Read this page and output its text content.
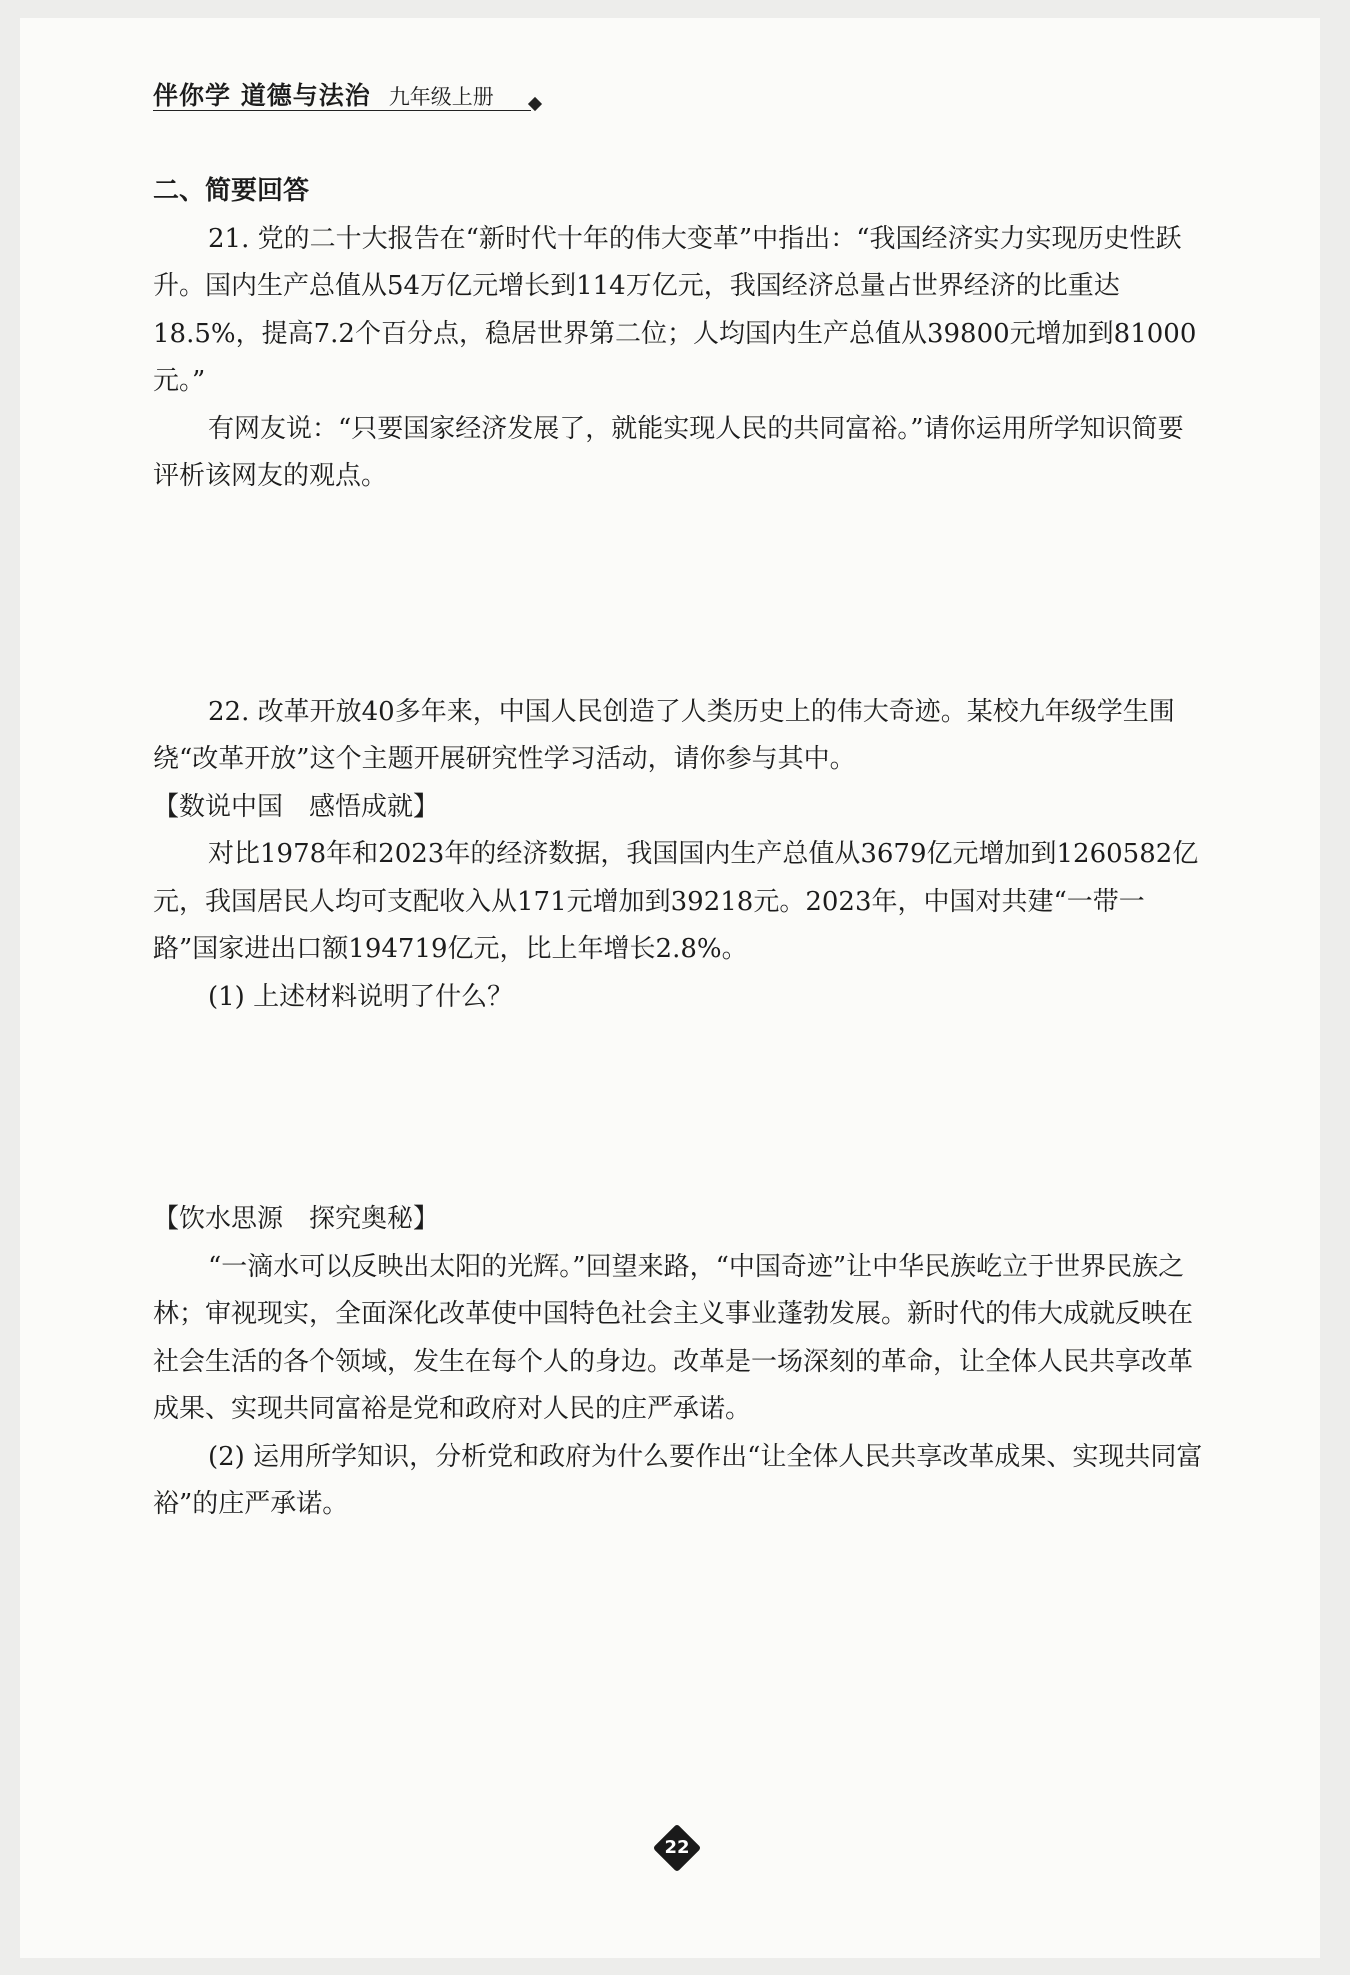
伴你学 道德与法治 九年级上册

二、简要回答

21. 党的二十大报告在“新时代十年的伟大变革”中指出：“我国经济实力实现历史性跃升。国内生产总值从54万亿元增长到114万亿元，我国经济总量占世界经济的比重达18.5%，提高7.2个百分点，稳居世界第二位；人均国内生产总值从39800元增加到81000元。”

有网友说：“只要国家经济发展了，就能实现人民的共同富裕。”请你运用所学知识简要评析该网友的观点。

22. 改革开放40多年来，中国人民创造了人类历史上的伟大奇迹。某校九年级学生围绕“改革开放”这个主题开展研究性学习活动，请你参与其中。

【数说中国　感悟成就】

对比1978年和2023年的经济数据，我国国内生产总值从3679亿元增加到1260582亿元，我国居民人均可支配收入从171元增加到39218元。2023年，中国对共建“一带一路”国家进出口额194719亿元，比上年增长2.8%。

(1) 上述材料说明了什么？

【饮水思源　探究奥秘】

“一滴水可以反映出太阳的光辉。”回望来路，“中国奇迹”让中华民族屹立于世界民族之林；审视现实，全面深化改革使中国特色社会主义事业蓬勃发展。新时代的伟大成就反映在社会生活的各个领域，发生在每个人的身边。改革是一场深刻的革命，让全体人民共享改革成果、实现共同富裕是党和政府对人民的庄严承诺。

(2) 运用所学知识，分析党和政府为什么要作出“让全体人民共享改革成果、实现共同富裕”的庄严承诺。

22
